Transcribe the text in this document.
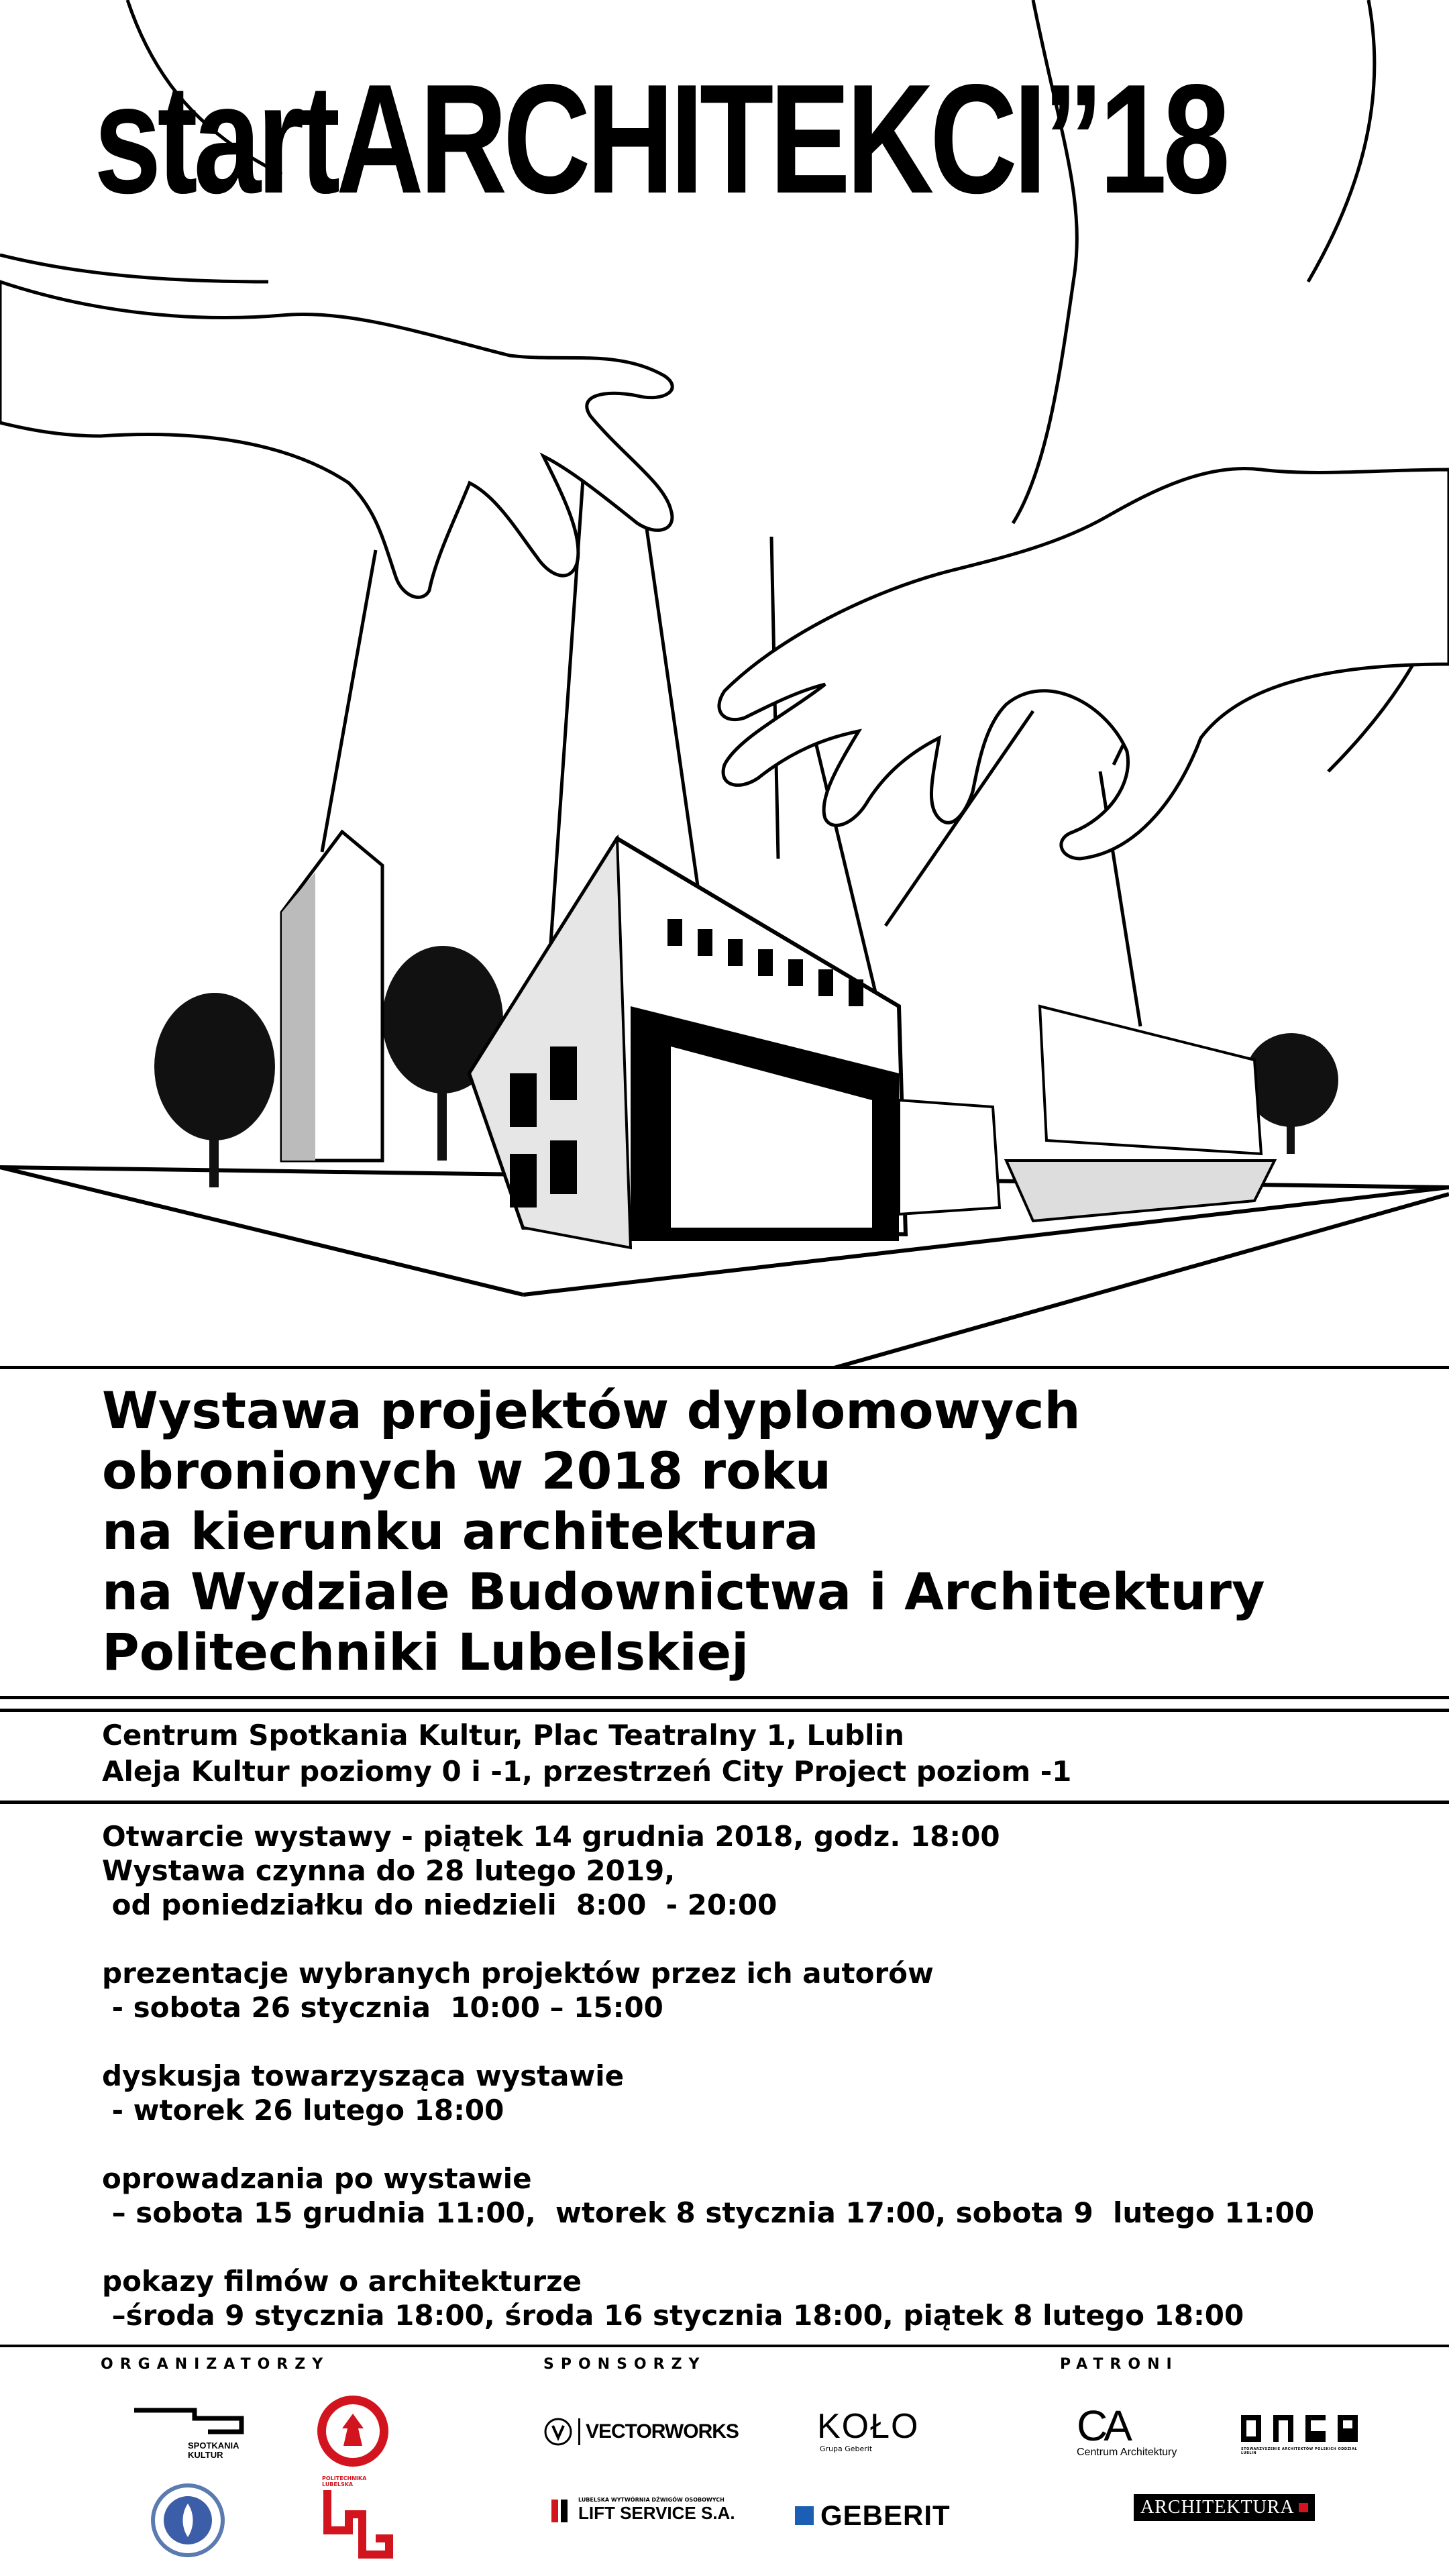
startARCHITEKCI”18
Wystawa projektów dyplomowych
obronionych w 2018 roku
na kierunku architektura
na Wydziale Budownictwa i Architektury
Politechniki Lubelskiej
Centrum Spotkania Kultur, Plac Teatralny 1, Lublin
Aleja Kultur poziomy 0 i -1, przestrzeń City Project poziom -1
Otwarcie wystawy - piątek 14 grudnia 2018, godz. 18:00
Wystawa czynna do 28 lutego 2019,
od poniedziałku do niedzieli  8:00  - 20:00
prezentacje wybranych projektów przez ich autorów
- sobota 26 stycznia  10:00 – 15:00
dyskusja towarzysząca wystawie
- wtorek 26 lutego 18:00
oprowadzania po wystawie
– sobota 15 grudnia 11:00,  wtorek 8 stycznia 17:00, sobota 9  lutego 11:00
pokazy filmów o architekturze
–środa 9 stycznia 18:00, środa 16 stycznia 18:00, piątek 8 lutego 18:00
ORGANIZATORZY	SPONSORZY	PATRONI
SPOTKANIA KULTUR
POLITECHNIKA LUBELSKA
VECTORWORKS KOŁO
Grupa Geberit
LUBELSKA WYTWÓRNIA DŹWIGÓW OSOBOWYCH
LIFT SERVICE S.A.	GEBERIT
CA
Centrum Architektury	STOWARZYSZENIE ARCHITEKTÓW POLSKICH ODDZIAŁ LUBLIN
ARCHITEKTURA
